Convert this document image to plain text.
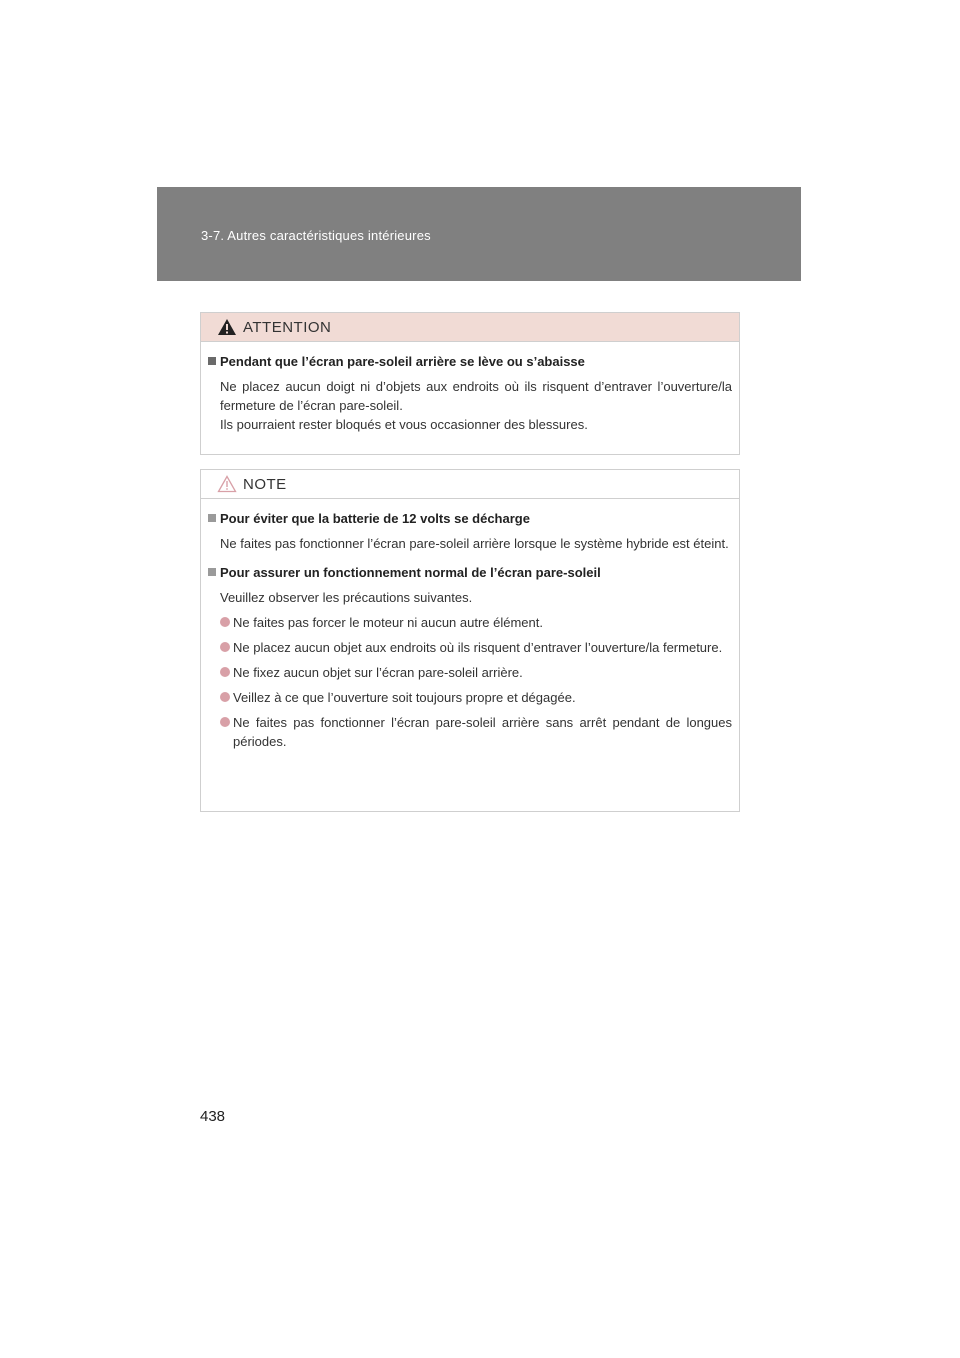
3-7. Autres caractéristiques intérieures
ATTENTION
Pendant que l’écran pare-soleil arrière se lève ou s’abaisse

Ne placez aucun doigt ni d’objets aux endroits où ils risquent d’entraver l’ouverture/la fermeture de l’écran pare-soleil.

Ils pourraient rester bloqués et vous occasionner des blessures.

NOTE
Pour éviter que la batterie de 12 volts se décharge

Ne faites pas fonctionner l’écran pare-soleil arrière lorsque le système hybride est éteint.

Pour assurer un fonctionnement normal de l’écran pare-soleil

Veuillez observer les précautions suivantes.

Ne faites pas forcer le moteur ni aucun autre élément.
Ne placez aucun objet aux endroits où ils risquent d’entraver l’ouverture/la fermeture.
Ne fixez aucun objet sur l’écran pare-soleil arrière.
Veillez à ce que l’ouverture soit toujours propre et dégagée.
Ne faites pas fonctionner l’écran pare-soleil arrière sans arrêt pendant de longues périodes.
438
